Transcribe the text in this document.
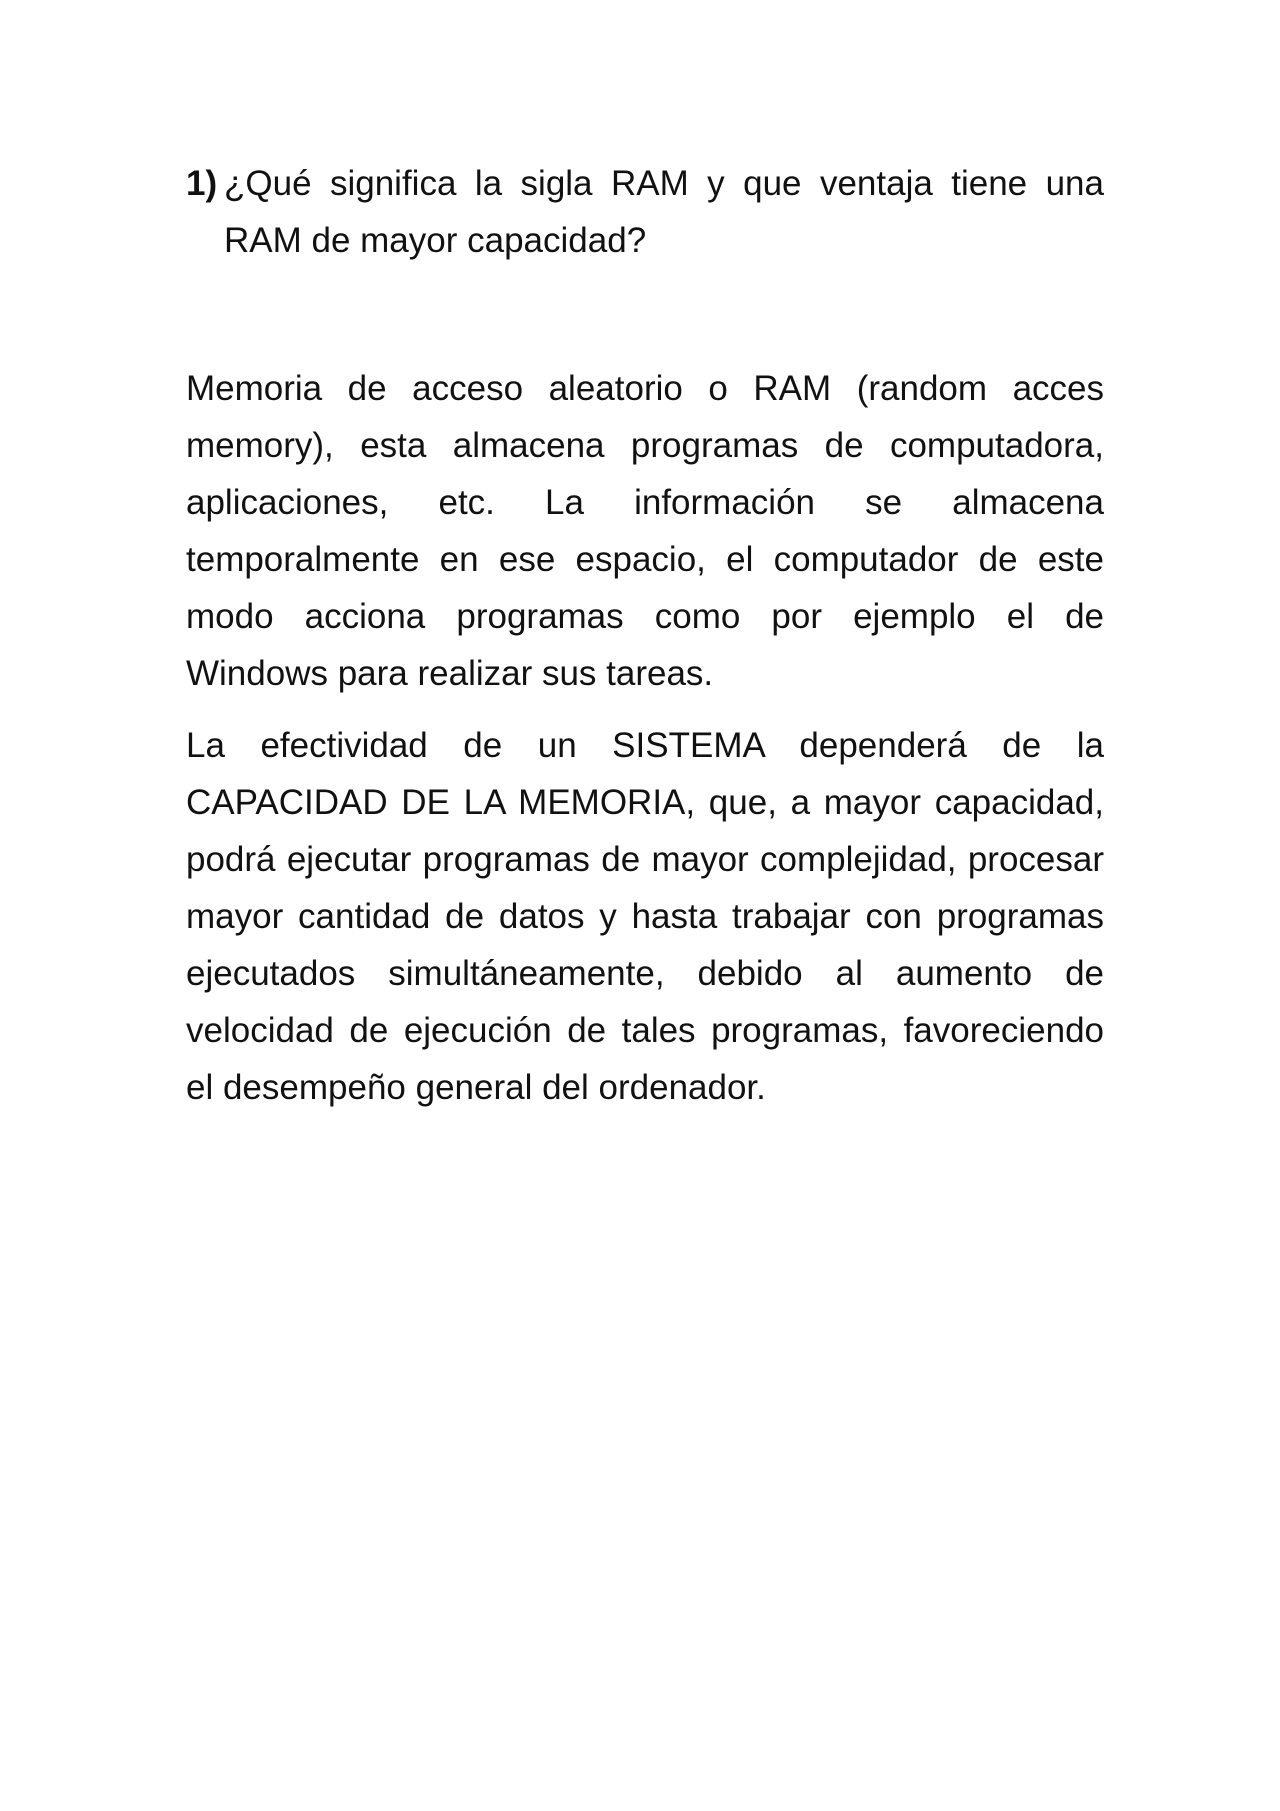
1) ¿Qué significa la sigla RAM y que ventaja tiene una RAM de mayor capacidad?

Memoria de acceso aleatorio o RAM (random acces memory), esta almacena programas de computadora, aplicaciones, etc. La información se almacena temporalmente en ese espacio, el computador de este modo acciona programas como por ejemplo el de Windows para realizar sus tareas.

La efectividad de un SISTEMA dependerá de la CAPACIDAD DE LA MEMORIA, que, a mayor capacidad, podrá ejecutar programas de mayor complejidad, procesar mayor cantidad de datos y hasta trabajar con programas ejecutados simultáneamente, debido al aumento de velocidad de ejecución de tales programas, favoreciendo el desempeño general del ordenador.
